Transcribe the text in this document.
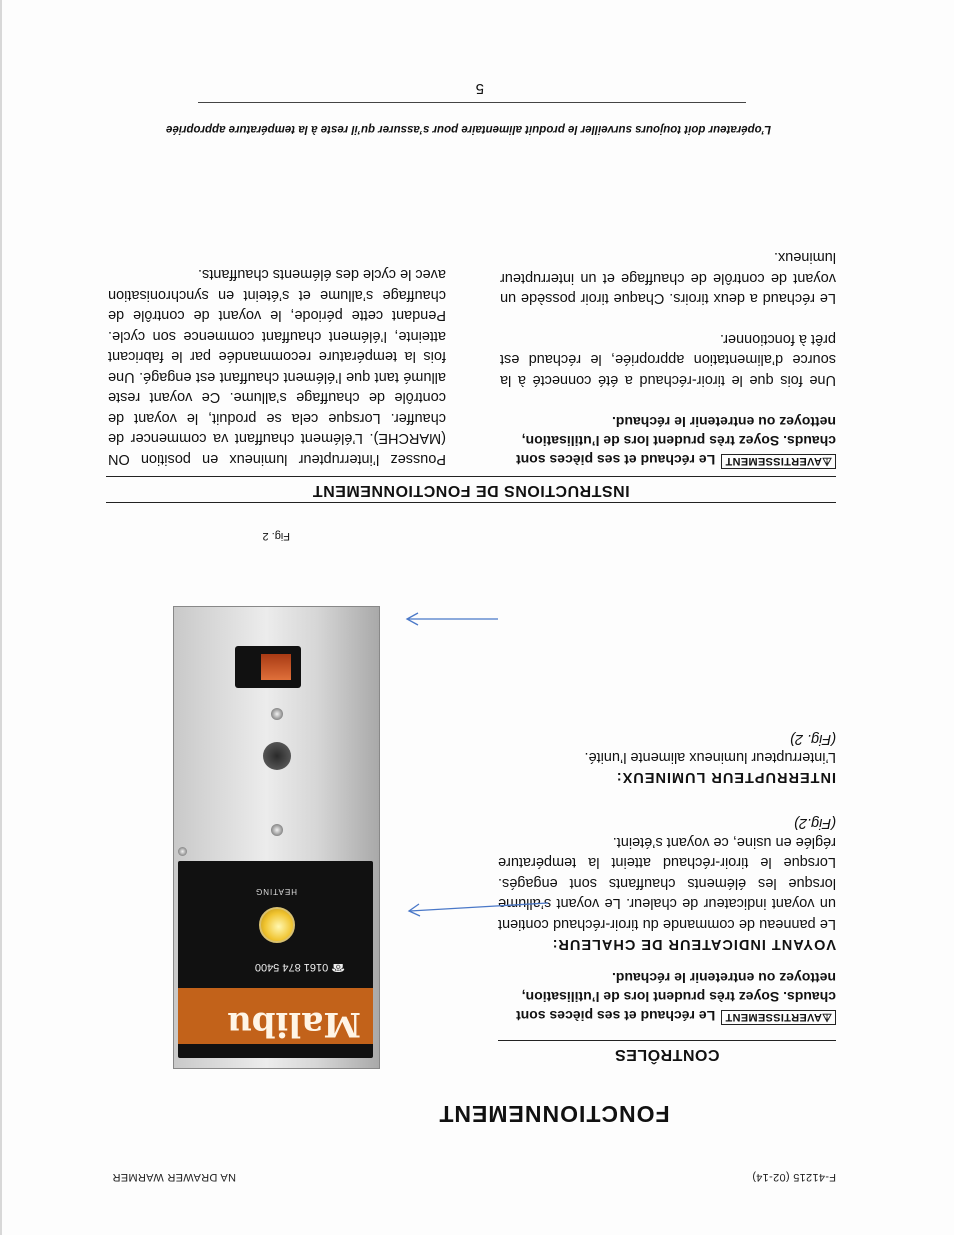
F-41215 (02-14)
NA DRAWER WARMER
FONCTIONNEMENT
CONTRÔLES
⚠AVERTISSEMENTLe réchaud et ses pièces sont chauds. Soyez très prudent lors de l’utilisation, nettoyez ou entretenir le réchaud.
VOYANT INDICATEUR DE CHALEUR:
Le panneau de commande du tiroir-réchaud contient un voyant indicateur de chaleur. Le voyant s’allume lorsque les éléments chauffants sont engagés. Lorsque le tiroir-réchaud atteint la température réglée en usine, ce voyant s’éteint.
(Fig.2)
INTERRUPTEUR LUMINEUX:
L’interrupteur lumineux alimente l’unité.
(Fig. 2)
Malibu
☎ 0161 874 5400
HEATING
Fig. 2
INSTRUCTIONS DE FONCTIONNEMENT
⚠AVERTISSEMENTLe réchaud et ses pièces sont chauds. Soyez très prudent lors de l’utilisation, nettoyez ou entretenir le réchaud.
Une fois que le tiroir-réchaud a été connecté à la source d’alimentation appropriée, le réchaud est prêt à fonctionner.
Le réchaud a deux tiroirs. Chaque tiroir possède un voyant de contrôle de chauffage et un interrupteur lumineux.
Poussez l’interrupteur lumineux en position ON (MARCHE). L’élément chauffant va commencer de chauffer. Lorsque cela se produit, le voyant de contrôle de chauffage s’allume. Ce voyant reste allumé tant que l’élément chauffant est engagé. Une fois la température recommandée par le fabricant atteinte, l’élément chauffant commence son cycle. Pendant cette période, le voyant de contrôle de chauffage s’allume et s’éteint en synchronisation avec le cycle des éléments chauffants.
L’opérateur doit toujours surveiller le produit alimentaire pour s’assurer qu’il reste à la température appropriée
5
